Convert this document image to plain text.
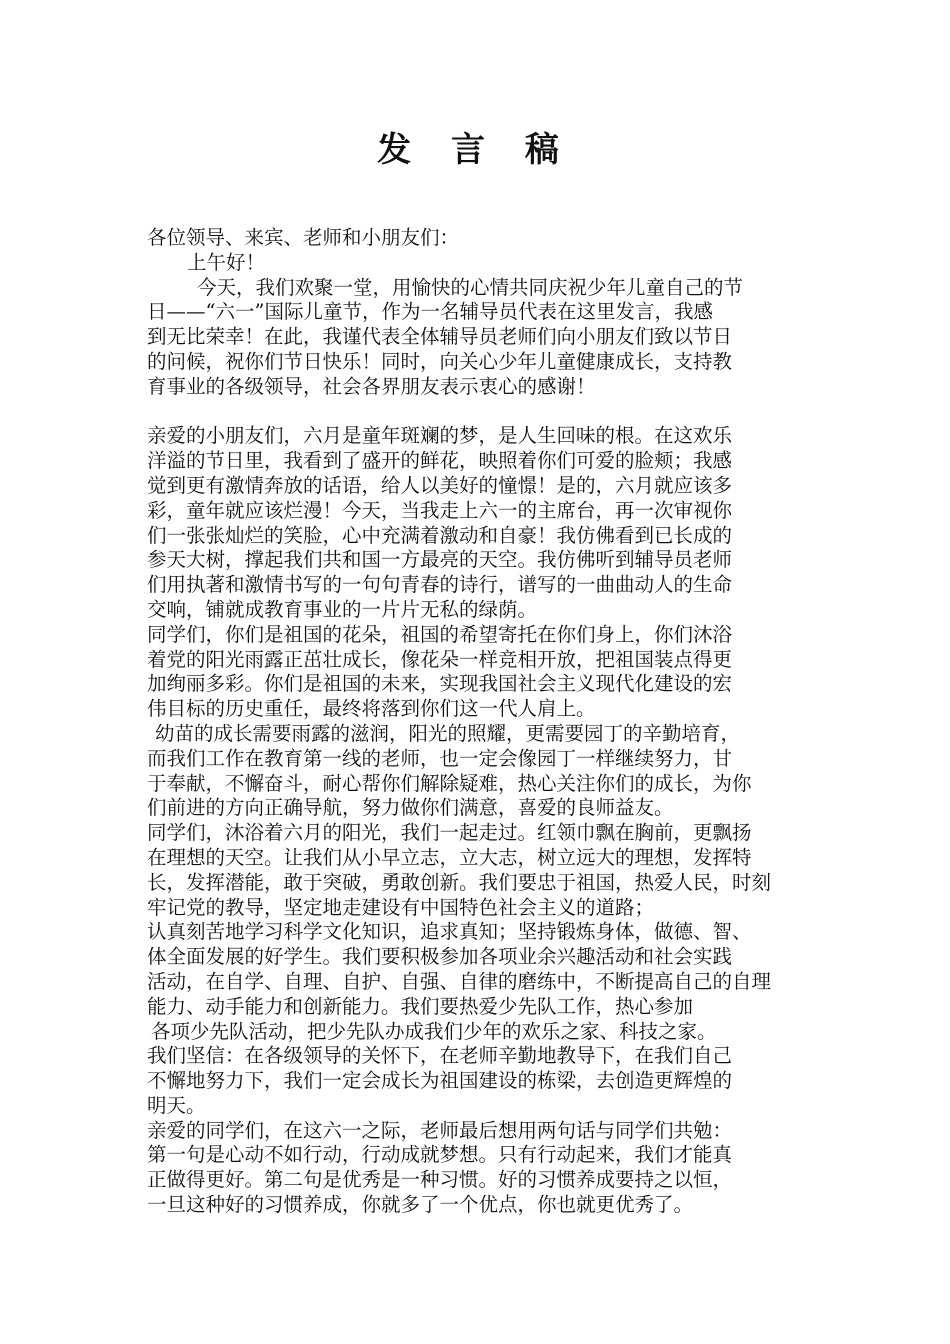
发 言 稿
各位领导、来宾、老师和小朋友们：
上午好！
今天，我们欢聚一堂，用愉快的心情共同庆祝少年儿童自己的节
日——“六一”国际儿童节，作为一名辅导员代表在这里发言，我感
到无比荣幸！在此，我谨代表全体辅导员老师们向小朋友们致以节日
的问候，祝你们节日快乐！同时，向关心少年儿童健康成长，支持教
育事业的各级领导，社会各界朋友表示衷心的感谢！
亲爱的小朋友们，六月是童年斑斓的梦，是人生回味的根。在这欢乐
洋溢的节日里，我看到了盛开的鲜花，映照着你们可爱的脸颊；我感
觉到更有激情奔放的话语，给人以美好的憧憬！是的，六月就应该多
彩，童年就应该烂漫！今天，当我走上六一的主席台，再一次审视你
们一张张灿烂的笑脸，心中充满着激动和自豪！我仿佛看到已长成的
参天大树，撑起我们共和国一方最亮的天空。我仿佛听到辅导员老师
们用执著和激情书写的一句句青春的诗行，谱写的一曲曲动人的生命
交响，铺就成教育事业的一片片无私的绿荫。
同学们，你们是祖国的花朵，祖国的希望寄托在你们身上，你们沐浴
着党的阳光雨露正茁壮成长，像花朵一样竞相开放，把祖国装点得更
加绚丽多彩。你们是祖国的未来，实现我国社会主义现代化建设的宏
伟目标的历史重任，最终将落到你们这一代人肩上。
幼苗的成长需要雨露的滋润，阳光的照耀，更需要园丁的辛勤培育，
而我们工作在教育第一线的老师，也一定会像园丁一样继续努力，甘
于奉献，不懈奋斗，耐心帮你们解除疑难，热心关注你们的成长，为你
们前进的方向正确导航，努力做你们满意，喜爱的良师益友。
同学们，沐浴着六月的阳光，我们一起走过。红领巾飘在胸前，更飘扬
在理想的天空。让我们从小早立志，立大志，树立远大的理想，发挥特
长，发挥潜能，敢于突破，勇敢创新。我们要忠于祖国，热爱人民，时刻
牢记党的教导，坚定地走建设有中国特色社会主义的道路；
认真刻苦地学习科学文化知识，追求真知；坚持锻炼身体，做德、智、
体全面发展的好学生。我们要积极参加各项业余兴趣活动和社会实践
活动，在自学、自理、自护、自强、自律的磨练中，不断提高自己的自理
能力、动手能力和创新能力。我们要热爱少先队工作，热心参加
各项少先队活动，把少先队办成我们少年的欢乐之家、科技之家。
我们坚信：在各级领导的关怀下，在老师辛勤地教导下，在我们自己
不懈地努力下，我们一定会成长为祖国建设的栋梁，去创造更辉煌的
明天。
亲爱的同学们，在这六一之际，老师最后想用两句话与同学们共勉：
第一句是心动不如行动，行动成就梦想。只有行动起来，我们才能真
正做得更好。第二句是优秀是一种习惯。好的习惯养成要持之以恒，
一旦这种好的习惯养成，你就多了一个优点，你也就更优秀了。
